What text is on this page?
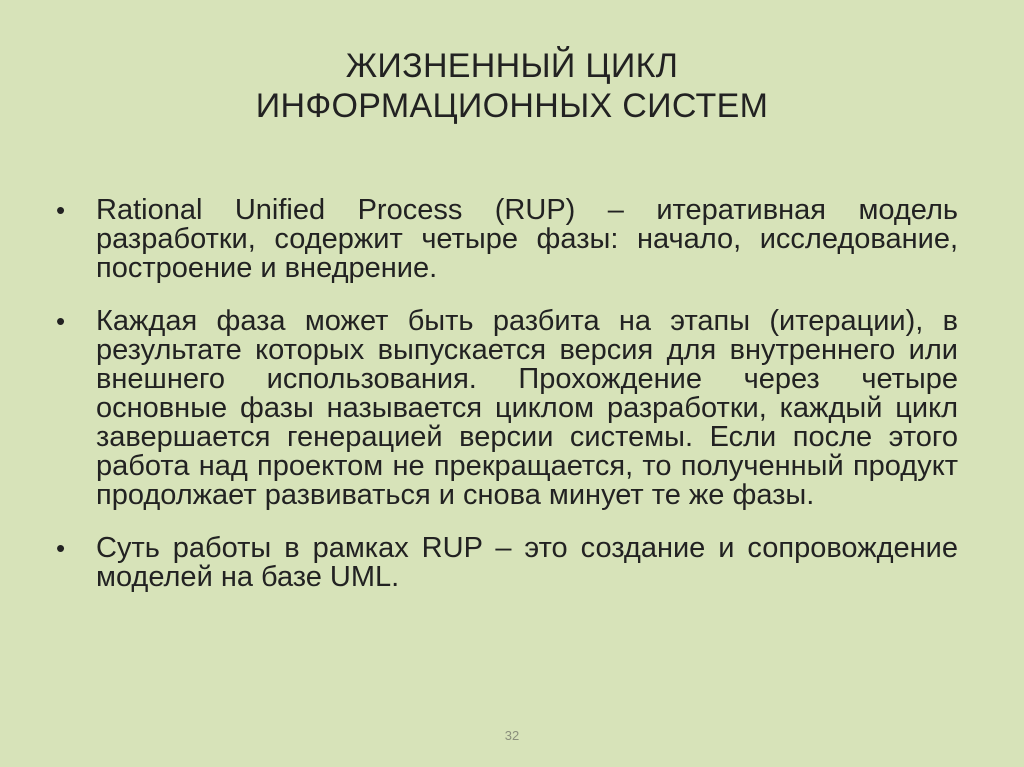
ЖИЗНЕННЫЙ ЦИКЛ
ИНФОРМАЦИОННЫХ СИСТЕМ
• Rational Unified Process (RUP) – итеративная модель разработки, содержит четыре фазы: начало, исследование, построение и внедрение.
• Каждая фаза может быть разбита на этапы (итерации), в результате которых выпускается версия для внутреннего или внешнего использования. Прохождение через четыре основные фазы называется циклом разработки, каждый цикл завершается генерацией версии системы. Если после этого работа над проектом не прекращается, то полученный продукт продолжает развиваться и снова минует те же фазы.
• Суть работы в рамках RUP – это создание и сопровождение моделей на базе UML.
32
